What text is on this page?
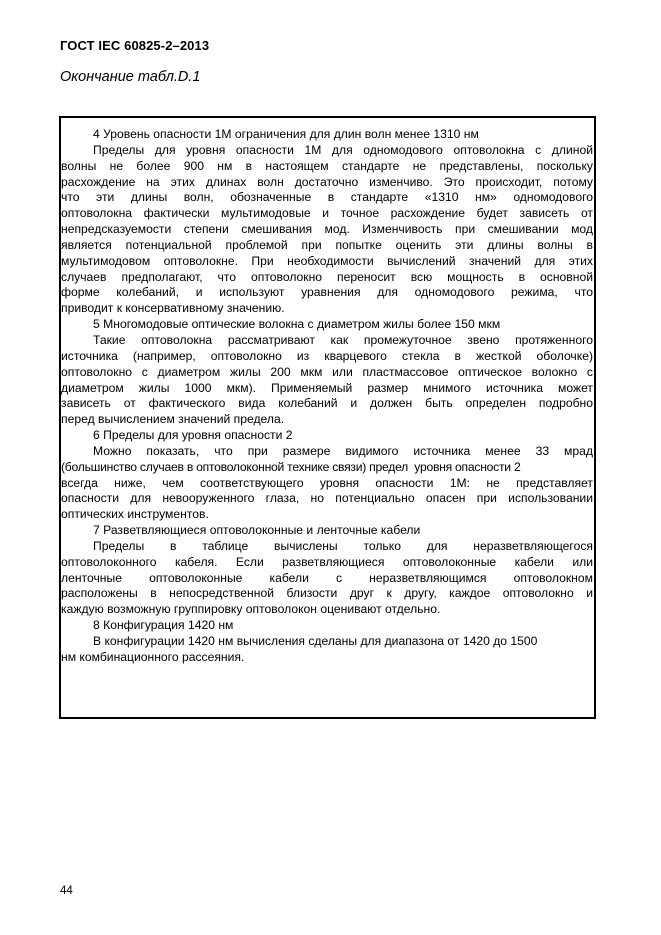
ГОСТ IEC 60825-2–2013
Окончание табл.D.1
4 Уровень опасности 1М ограничения для длин волн менее 1310 нм
Пределы для уровня опасности 1М для одномодового оптоволокна с длиной
волны не более 900 нм в настоящем стандарте не представлены, поскольку
расхождение на этих длинах волн достаточно изменчиво. Это происходит, потому
что эти длины волн, обозначенные в стандарте «1310 нм» одномодового
оптоволокна фактически мультимодовые и точное расхождение будет зависеть от
непредсказуемости степени смешивания мод. Изменчивость при смешивании мод
является потенциальной проблемой при попытке оценить эти длины волны в
мультимодовом оптоволокне. При необходимости вычислений значений для этих
случаев предполагают, что оптоволокно переносит всю мощность в основной
форме колебаний, и используют уравнения для одномодового режима, что
приводит к консервативному значению.
5 Многомодовые оптические волокна с диаметром жилы более 150 мкм
Такие оптоволокна рассматривают как промежуточное звено протяженного
источника (например, оптоволокно из кварцевого стекла в жесткой оболочке)
оптоволокно с диаметром жилы 200 мкм или пластмассовое оптическое волокно с
диаметром жилы 1000 мкм). Применяемый размер мнимого источника может
зависеть от фактического вида колебаний и должен быть определен подробно
перед вычислением значений предела.
6 Пределы для уровня опасности 2
Можно показать, что при размере видимого источника менее 33 мрад
(большинство случаев в оптоволоконной технике связи) предел  уровня опасности 2
всегда ниже, чем соответствующего уровня опасности 1М: не представляет
опасности для невооруженного глаза, но потенциально опасен при использовании
оптических инструментов.
7 Разветвляющиеся оптоволоконные и ленточные кабели
Пределы в таблице вычислены только для неразветвляющегося
оптоволоконного кабеля. Если разветвляющиеся оптоволоконные кабели или
ленточные оптоволоконные кабели с неразветвляющимся оптоволокном
расположены в непосредственной близости друг к другу, каждое оптоволокно и
каждую возможную группировку оптоволокон оценивают отдельно.
8 Конфигурация 1420 нм
В конфигурации 1420 нм вычисления сделаны для диапазона от 1420 до 1500
нм комбинационного рассеяния.
44
